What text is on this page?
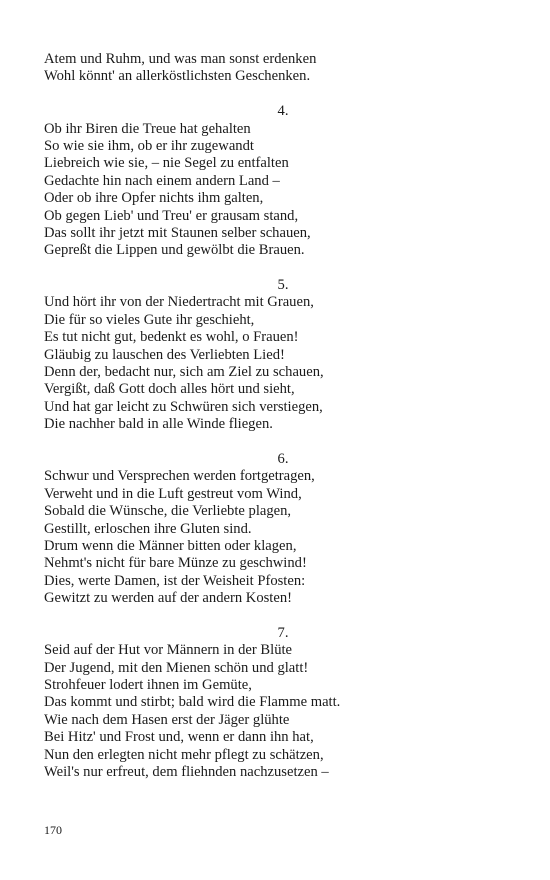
Atem und Ruhm, und was man sonst erdenken
Wohl könnt' an allerköstlichsten Geschenken.
4.
Ob ihr Biren die Treue hat gehalten
So wie sie ihm, ob er ihr zugewandt
Liebreich wie sie, – nie Segel zu entfalten
Gedachte hin nach einem andern Land –
Oder ob ihre Opfer nichts ihm galten,
Ob gegen Lieb' und Treu' er grausam stand,
Das sollt ihr jetzt mit Staunen selber schauen,
Gepreßt die Lippen und gewölbt die Brauen.
5.
Und hört ihr von der Niedertracht mit Grauen,
Die für so vieles Gute ihr geschieht,
Es tut nicht gut, bedenkt es wohl, o Frauen!
Gläubig zu lauschen des Verliebten Lied!
Denn der, bedacht nur, sich am Ziel zu schauen,
Vergißt, daß Gott doch alles hört und sieht,
Und hat gar leicht zu Schwüren sich verstiegen,
Die nachher bald in alle Winde fliegen.
6.
Schwur und Versprechen werden fortgetragen,
Verweht und in die Luft gestreut vom Wind,
Sobald die Wünsche, die Verliebte plagen,
Gestillt, erloschen ihre Gluten sind.
Drum wenn die Männer bitten oder klagen,
Nehmt's nicht für bare Münze zu geschwind!
Dies, werte Damen, ist der Weisheit Pfosten:
Gewitzt zu werden auf der andern Kosten!
7.
Seid auf der Hut vor Männern in der Blüte
Der Jugend, mit den Mienen schön und glatt!
Strohfeuer lodert ihnen im Gemüte,
Das kommt und stirbt; bald wird die Flamme matt.
Wie nach dem Hasen erst der Jäger glühte
Bei Hitz' und Frost und, wenn er dann ihn hat,
Nun den erlegten nicht mehr pflegt zu schätzen,
Weil's nur erfreut, dem fliehnden nachzusetzen –
170
